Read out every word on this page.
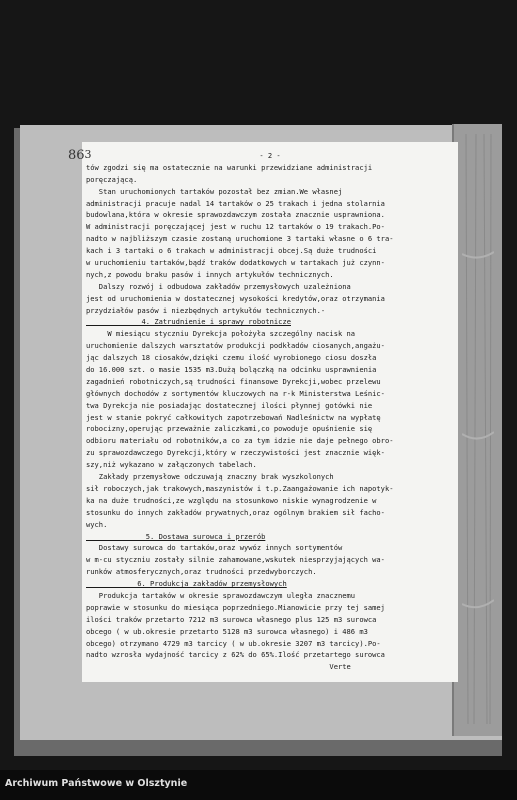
- 2 -
tów zgodzi się ma ostatecznie na warunki przewidziane administracji
poręczającą.
Stan uruchomionych tartaków pozostał bez zmian.We własnej
administracji pracuje nadal 14 tartaków o 25 trakach i jedna stolarnia
budowlana,która w okresie sprawozdawczym została znacznie usprawniona.
W administracji poręczającej jest w ruchu 12 tartaków o 19 trakach.Po-
nadto w najbliższym czasie zostaną uruchomione 3 tartaki własne o 6 tra-
kach i 3 tartaki o 6 trakach w administracji obcej.Są duże trudności
w uruchomieniu tartaków,bądź traków dodatkowych w tartakach już czynn-
nych,z powodu braku pasów i innych artykułów technicznych.
Dalszy rozwój i odbudowa zakładów przemysłowych uzależniona
jest od uruchomienia w dostatecznej wysokości kredytów,oraz otrzymania
przydziałów pasów i niezbędnych artykułów technicznych.-
4. Zatrudnienie i sprawy robotnicze
W miesiącu styczniu Dyrekcja położyła szczególny nacisk na
uruchomienie dalszych warsztatów produkcji podkładów ciosanych,angażu-
jąc dalszych 18 ciosaków,dzięki czemu ilość wyrobionego ciosu doszła
do 16.000 szt. o masie 1535 m3.Dużą bolączką na odcinku usprawnienia
zagadnień robotniczych,są trudności finansowe Dyrekcji,wobec przelewu
głównych dochodów z sortymentów kluczowych na r-k Ministerstwa Leśnic-
twa Dyrekcja nie posiadając dostatecznej ilości płynnej gotówki nie
jest w stanie pokryć całkowitych zapotrzebowań Nadleśnictw na wypłatę
robocizny,operując przeważnie zaliczkami,co powoduje opuśnienie się
odbioru materiału od robotników,a co za tym idzie nie daje pełnego obro-
zu sprawozdawczego Dyrekcji,który w rzeczywistości jest znacznie więk-
szy,niż wykazano w załączonych tabelach.
Zakłady przemysłowe odczuwają znaczny brak wyszkolonych
sił roboczych,jak trakowych,maszynistów i t.p.Zaangażowanie ich napotyk-
ka na duże trudności,ze względu na stosunkowo niskie wynagrodzenie w
stosunku do innych zakładów prywatnych,oraz ogólnym brakiem sił facho-
wych.
5. Dostawa surowca i przerób
Dostawy surowca do tartaków,oraz wywóz innych sortymentów
w m-cu styczniu zostały silnie zahamowane,wskutek niesprzyjających wa-
runków atmosferycznych,oraz trudności przedwyborczych.
6. Produkcja zakładów przemysłowych
Produkcja tartaków w okresie sprawozdawczym uległa znacznemu
poprawie w stosunku do miesiąca poprzedniego.Mianowicie przy tej samej
ilości traków przetarto 7212 m3 surowca własnego plus 125 m3 surowca
obcego ( w ub.okresie przetarto 5128 m3 surowca własnego) i 486 m3
obcego) otrzymano 4729 m3 tarcicy ( w ub.okresie 3207 m3 tarcicy).Po-
nadto wzrosła wydajność tarcicy z 62% do 65%.Ilość przetartego surowca
Verte
$86^3$
Archiwum Państwowe w Olsztynie
